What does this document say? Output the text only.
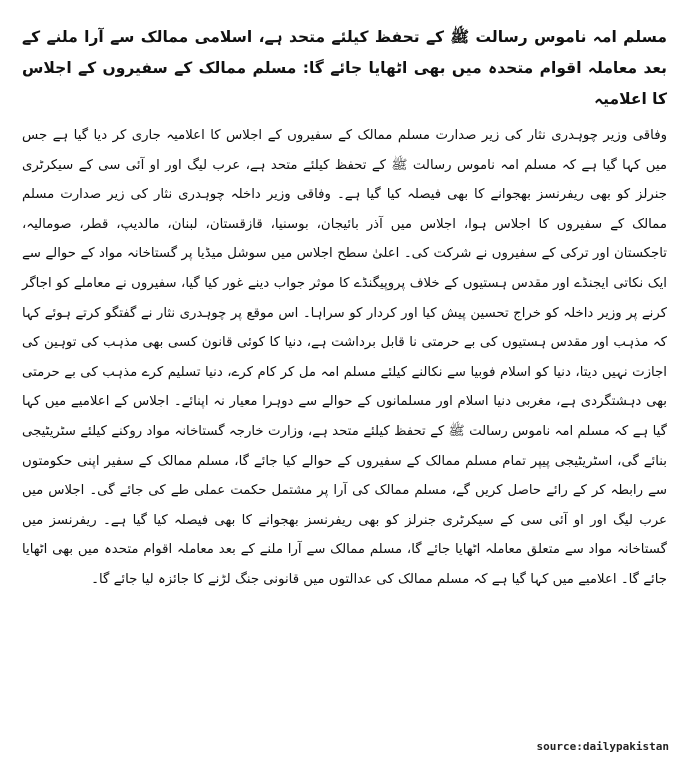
مسلم امہ ناموس رسالت ﷺ کے تحفظ کیلئے متحد ہے، اسلامی ممالک سے آرا ملنے کے بعد معاملہ اقوام متحدہ میں بھی اٹھایا جائے گا: مسلم ممالک کے سفیروں کے اجلاس کا اعلامیہ

وفاقی وزیر چوہدری نثار کی زیر صدارت مسلم ممالک کے سفیروں کے اجلاس کا اعلامیہ جاری کر دیا گیا ہے جس میں کہا گیا ہے کہ مسلم امہ ناموس رسالت ﷺ کے تحفظ کیلئے متحد ہے، عرب لیگ اور او آئی سی کے سیکرٹری جنرلز کو بھی ریفرنسز بھجوانے کا بھی فیصلہ کیا گیا ہے۔ وفاقی وزیر داخلہ چوہدری نثار کی زیر صدارت مسلم ممالک کے سفیروں کا اجلاس ہوا، اجلاس میں آذر بائیجان، بوسنیا، قازقستان، لبنان، مالدیپ، قطر، صومالیہ، تاجکستان اور ترکی کے سفیروں نے شرکت کی۔ اعلیٰ سطح اجلاس میں سوشل میڈیا پر گستاخانہ مواد کے حوالے سے ایک نکاتی ایجنڈے اور مقدس ہستیوں کے خلاف پروپیگنڈے کا موثر جواب دینے غور کیا گیا، سفیروں نے معاملے کو اجاگر کرنے پر وزیر داخلہ کو خراج تحسین پیش کیا اور کردار کو سراہا۔ اس موقع پر چوہدری نثار نے گفتگو کرتے ہوئے کہا کہ مذہب اور مقدس ہستیوں کی بے حرمتی نا قابل برداشت ہے، دنیا کا کوئی قانون کسی بھی مذہب کی توہین کی اجازت نہیں دیتا، دنیا کو اسلام فوبیا سے نکالنے کیلئے مسلم امہ مل کر کام کرے، دنیا تسلیم کرے مذہب کی بے حرمتی بھی دہشتگردی ہے، مغربی دنیا اسلام اور مسلمانوں کے حوالے سے دوہرا معیار نہ اپنائے۔ اجلاس کے اعلامیے میں کہا گیا ہے کہ مسلم امہ ناموس رسالت ﷺ کے تحفظ کیلئے متحد ہے، وزارت خارجہ گستاخانہ مواد روکنے کیلئے سٹریٹیجی بنائے گی، اسٹریٹیجی پیپر تمام مسلم ممالک کے سفیروں کے حوالے کیا جائے گا، مسلم ممالک کے سفیر اپنی حکومتوں سے رابطہ کر کے رائے حاصل کریں گے، مسلم ممالک کی آرا پر مشتمل حکمت عملی طے کی جائے گی۔ اجلاس میں عرب لیگ اور او آئی سی کے سیکرٹری جنرلز کو بھی ریفرنسز بھجوانے کا بھی فیصلہ کیا گیا ہے۔ ریفرنسز میں گستاخانہ مواد سے متعلق معاملہ اٹھایا جائے گا، مسلم ممالک سے آرا ملنے کے بعد معاملہ اقوام متحدہ میں بھی اٹھایا جائے گا۔ اعلامیے میں کہا گیا ہے کہ مسلم ممالک کی عدالتوں میں قانونی جنگ لڑنے کا جائزہ لیا جائے گا۔

source:dailypakistan
